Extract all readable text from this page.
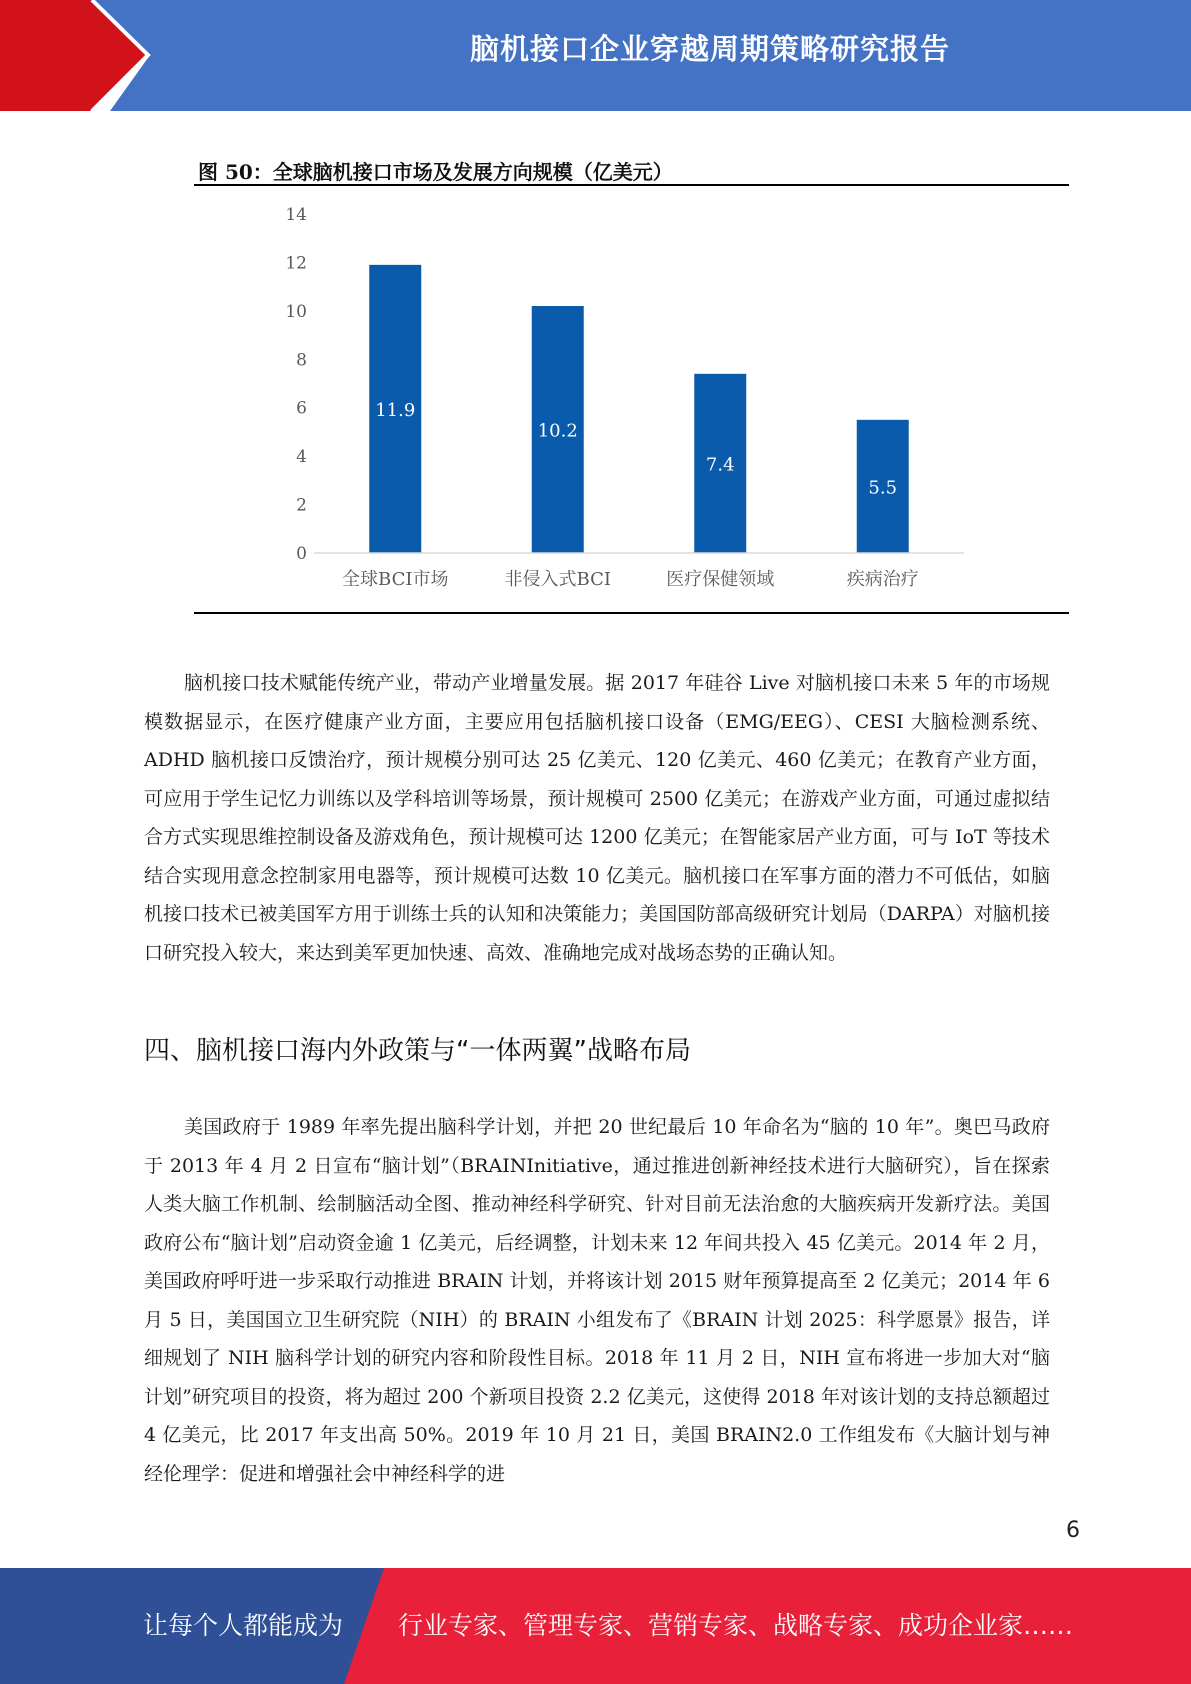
脑机接口企业穿越周期策略研究报告
图 50：全球脑机接口市场及发展方向规模（亿美元）
0
2
4
6
8
10
12
14
11.9
10.2
7.4
5.5
全球BCI市场	非侵入式BCI	医疗保健领域	疾病治疗

脑机接口技术赋能传统产业，带动产业增量发展。据 2017 年硅谷 Live 对脑机接口未来 5 年的市场规模数据显示，在医疗健康产业方面，主要应用包括脑机接口设备（EMG/EEG）、CESI 大脑检测系统、ADHD 脑机接口反馈治疗，预计规模分别可达 25 亿美元、120 亿美元、460 亿美元；在教育产业方面，可应用于学生记忆力训练以及学科培训等场景，预计规模可 2500 亿美元；在游戏产业方面，可通过虚拟结合方式实现思维控制设备及游戏角色，预计规模可达 1200 亿美元；在智能家居产业方面，可与 IoT 等技术结合实现用意念控制家用电器等，预计规模可达数 10 亿美元。脑机接口在军事方面的潜力不可低估，如脑机接口技术已被美国军方用于训练士兵的认知和决策能力；美国国防部高级研究计划局（DARPA）对脑机接口研究投入较大，来达到美军更加快速、高效、准确地完成对战场态势的正确认知。

四、脑机接口海内外政策与“一体两翼”战略布局

美国政府于 1989 年率先提出脑科学计划，并把 20 世纪最后 10 年命名为“脑的 10 年”。奥巴马政府于 2013 年 4 月 2 日宣布“脑计划”（BRAINInitiative，通过推进创新神经技术进行大脑研究），旨在探索人类大脑工作机制、绘制脑活动全图、推动神经科学研究、针对目前无法治愈的大脑疾病开发新疗法。美国政府公布“脑计划”启动资金逾 1 亿美元，后经调整，计划未来 12 年间共投入 45 亿美元。2014 年 2 月，美国政府呼吁进一步采取行动推进 BRAIN 计划，并将该计划 2015 财年预算提高至 2 亿美元；2014 年 6 月 5 日，美国国立卫生研究院（NIH）的 BRAIN 小组发布了《BRAIN 计划 2025：科学愿景》报告，详细规划了 NIH 脑科学计划的研究内容和阶段性目标。2018 年 11 月 2 日，NIH 宣布将进一步加大对“脑计划”研究项目的投资，将为超过 200 个新项目投资 2.2 亿美元，这使得 2018 年对该计划的支持总额超过 4 亿美元，比 2017 年支出高 50%。2019 年 10 月 21 日，美国 BRAIN2.0 工作组发布《大脑计划与神经伦理学：促进和增强社会中神经科学的进

6
让每个人都能成为 行业专家、管理专家、营销专家、战略专家、成功企业家……
